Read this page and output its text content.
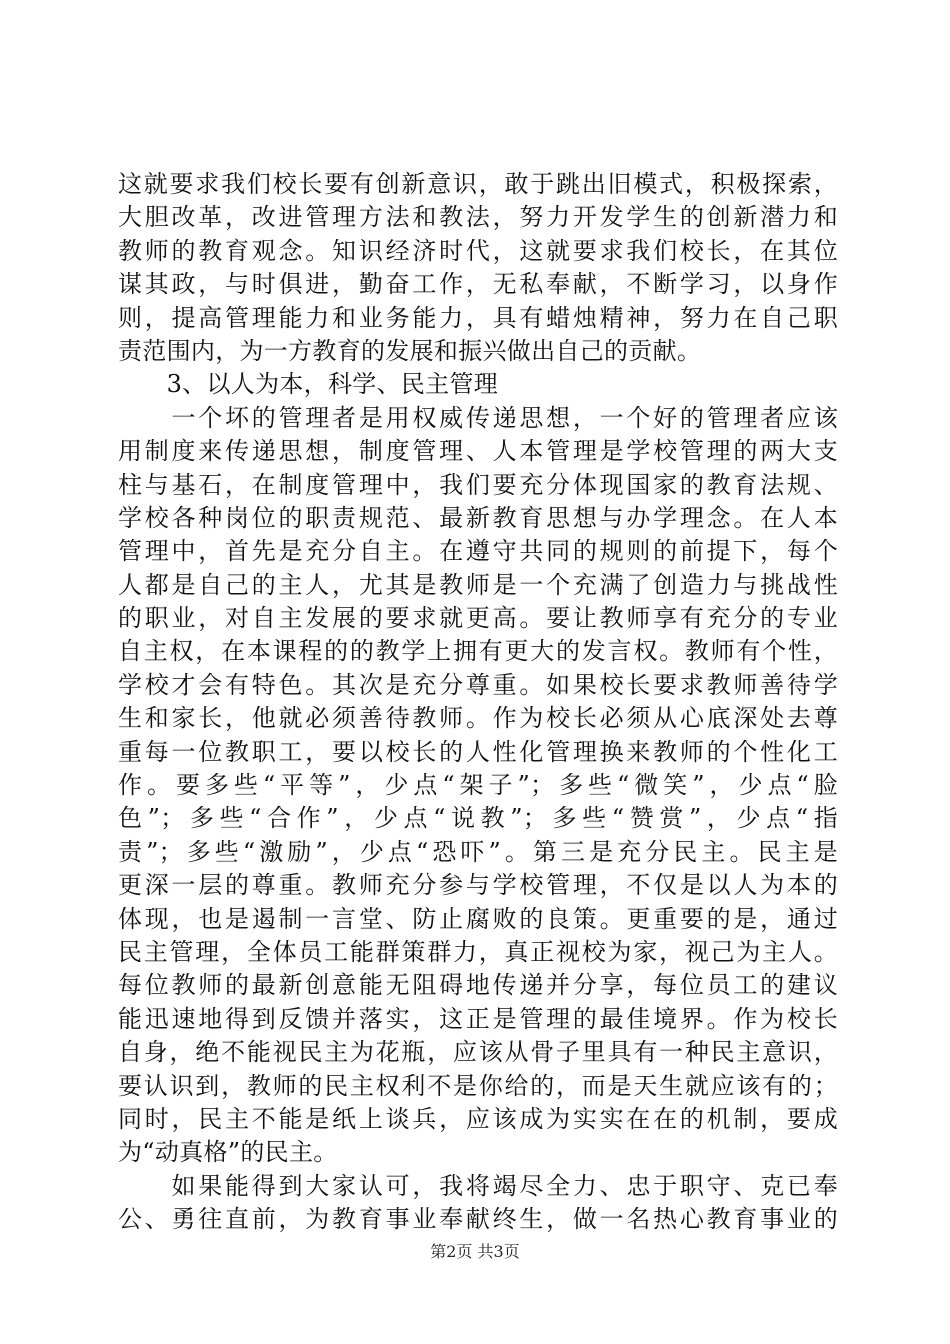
这就要求我们校长要有创新意识，敢于跳出旧模式，积极探索，
大胆改革，改进管理方法和教法，努力开发学生的创新潜力和
教师的教育观念。知识经济时代，这就要求我们校长，在其位
谋其政，与时俱进，勤奋工作，无私奉献，不断学习，以身作
则，提高管理能力和业务能力，具有蜡烛精神，努力在自己职
责范围内，为一方教育的发展和振兴做出自己的贡献。
　　3、以人为本，科学、民主管理
　　一个坏的管理者是用权威传递思想，一个好的管理者应该
用制度来传递思想，制度管理、人本管理是学校管理的两大支
柱与基石，在制度管理中，我们要充分体现国家的教育法规、
学校各种岗位的职责规范、最新教育思想与办学理念。在人本
管理中，首先是充分自主。在遵守共同的规则的前提下，每个
人都是自己的主人，尤其是教师是一个充满了创造力与挑战性
的职业，对自主发展的要求就更高。要让教师享有充分的专业
自主权，在本课程的的教学上拥有更大的发言权。教师有个性，
学校才会有特色。其次是充分尊重。如果校长要求教师善待学
生和家长，他就必须善待教师。作为校长必须从心底深处去尊
重每一位教职工，要以校长的人性化管理换来教师的个性化工
作。要多些“平等”，少点“架子”；多些“微笑”，少点“脸
色”；多些“合作”，少点“说教”；多些“赞赏”，少点“指
责”；多些“激励”，少点“恐吓”。第三是充分民主。民主是
更深一层的尊重。教师充分参与学校管理，不仅是以人为本的
体现，也是遏制一言堂、防止腐败的良策。更重要的是，通过
民主管理，全体员工能群策群力，真正视校为家，视己为主人。
每位教师的最新创意能无阻碍地传递并分享，每位员工的建议
能迅速地得到反馈并落实，这正是管理的最佳境界。作为校长
自身，绝不能视民主为花瓶，应该从骨子里具有一种民主意识，
要认识到，教师的民主权利不是你给的，而是天生就应该有的；
同时，民主不能是纸上谈兵，应该成为实实在在的机制，要成
为“动真格”的民主。
　　如果能得到大家认可，我将竭尽全力、忠于职守、克已奉
公、勇往直前，为教育事业奉献终生，做一名热心教育事业的
第2页 共3页
